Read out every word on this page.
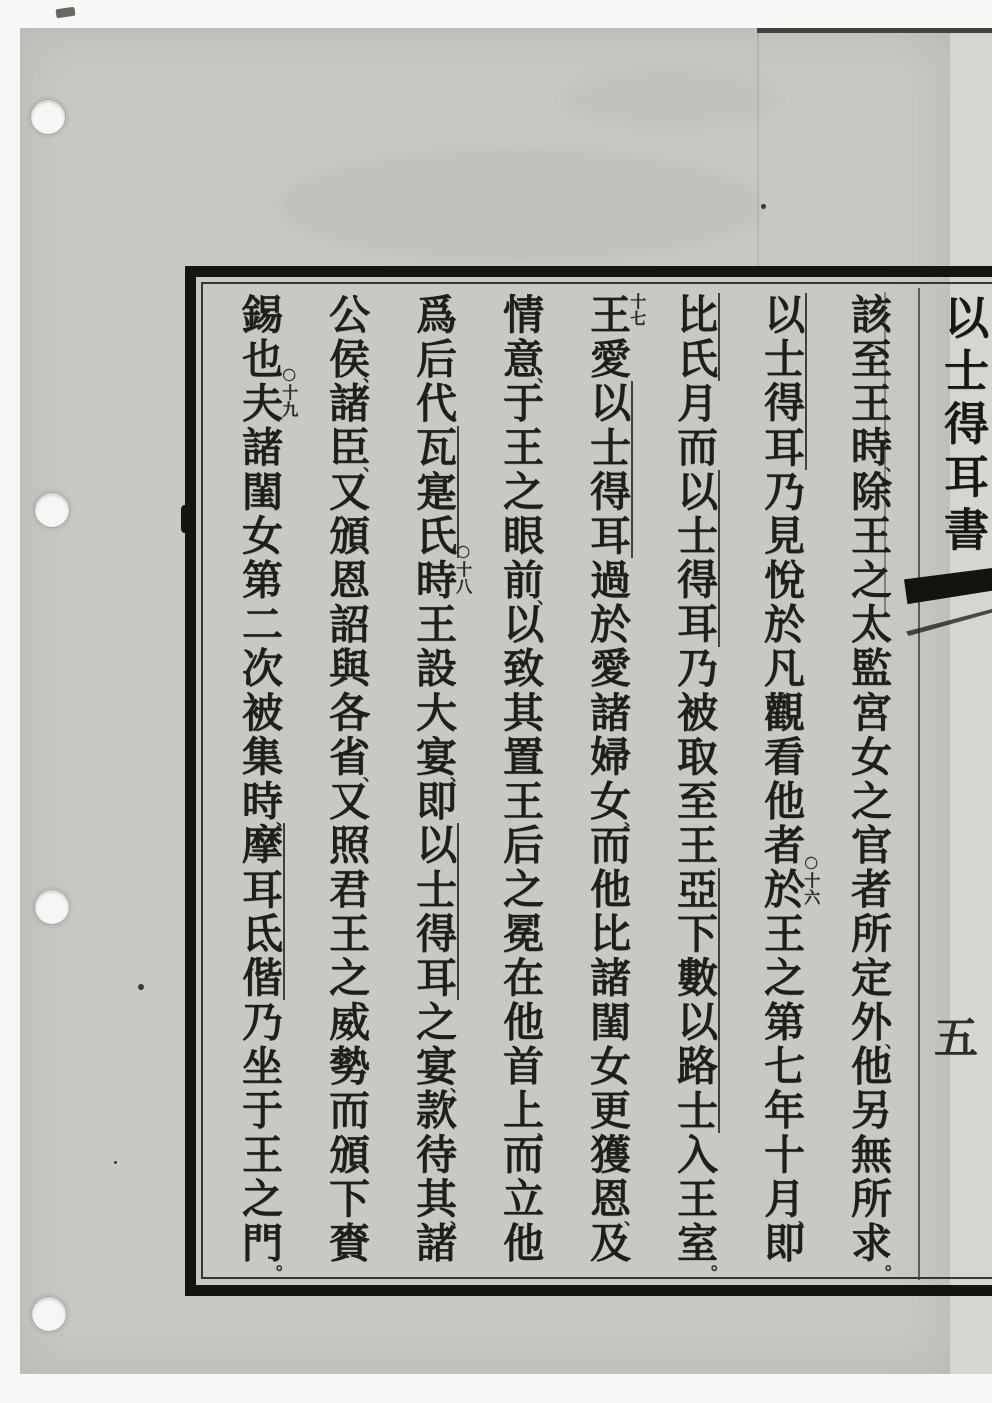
以士得耳書
五
該至王時除王之太監宮女之官者所定外他另無所求
、
、
。
以士得耳乃見悅於凡觀看他者於王之第七年十月即
、
○十六
比氏月而以士得耳乃被取至王亞下數以路士入王室
。
王愛以士得耳過於愛諸婦女而他比諸閨女更獲恩及
、
、
十七
情意于王之眼前以致其置王后之冕在他首上而立他
、
、
、
爲后代瓦寔氏時王設大宴即以士得耳之宴款待其諸
、
、
、
○十八
公侯諸臣又頒恩詔與各省又照君王之威勢而頒下賚
、
、
、
錫也夫諸閨女第二次被集時摩耳氐偕乃坐于王之門
、
。
○十九
